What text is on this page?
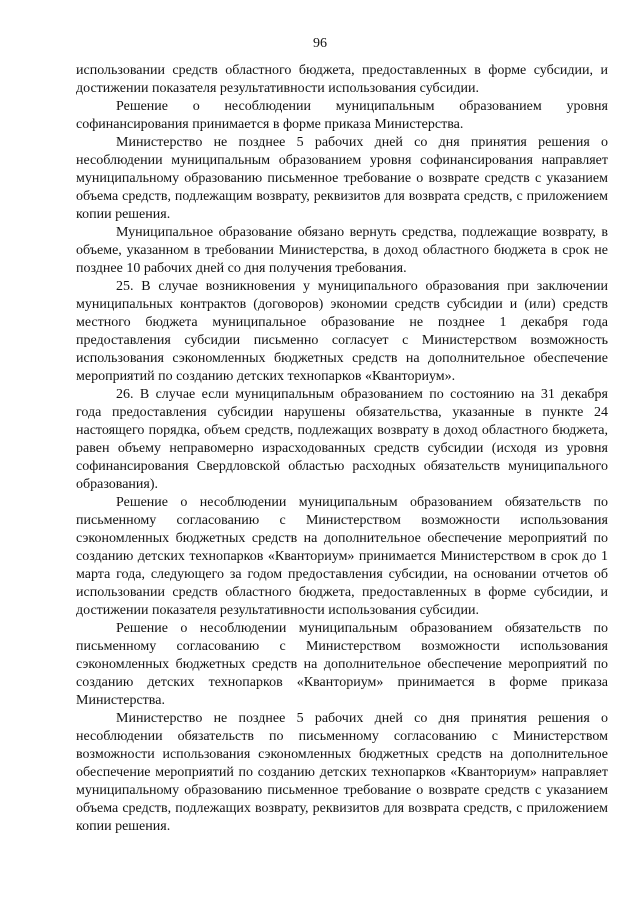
96

использовании средств областного бюджета, предоставленных в форме субсидии, и достижении показателя результативности использования субсидии.

Решение о несоблюдении муниципальным образованием уровня софинансирования принимается в форме приказа Министерства.

Министерство не позднее 5 рабочих дней со дня принятия решения о несоблюдении муниципальным образованием уровня софинансирования направляет муниципальному образованию письменное требование о возврате средств с указанием объема средств, подлежащим возврату, реквизитов для возврата средств, с приложением копии решения.

Муниципальное образование обязано вернуть средства, подлежащие возврату, в объеме, указанном в требовании Министерства, в доход областного бюджета в срок не позднее 10 рабочих дней со дня получения требования.

25. В случае возникновения у муниципального образования при заключении муниципальных контрактов (договоров) экономии средств субсидии и (или) средств местного бюджета муниципальное образование не позднее 1 декабря года предоставления субсидии письменно согласует с Министерством возможность использования сэкономленных бюджетных средств на дополнительное обеспечение мероприятий по созданию детских технопарков «Кванториум».

26. В случае если муниципальным образованием по состоянию на 31 декабря года предоставления субсидии нарушены обязательства, указанные в пункте 24 настоящего порядка, объем средств, подлежащих возврату в доход областного бюджета, равен объему неправомерно израсходованных средств субсидии (исходя из уровня софинансирования Свердловской областью расходных обязательств муниципального образования).

Решение о несоблюдении муниципальным образованием обязательств по письменному согласованию с Министерством возможности использования сэкономленных бюджетных средств на дополнительное обеспечение мероприятий по созданию детских технопарков «Кванториум» принимается Министерством в срок до 1 марта года, следующего за годом предоставления субсидии, на основании отчетов об использовании средств областного бюджета, предоставленных в форме субсидии, и достижении показателя результативности использования субсидии.

Решение о несоблюдении муниципальным образованием обязательств по письменному согласованию с Министерством возможности использования сэкономленных бюджетных средств на дополнительное обеспечение мероприятий по созданию детских технопарков «Кванториум» принимается в форме приказа Министерства.

Министерство не позднее 5 рабочих дней со дня принятия решения о несоблюдении обязательств по письменному согласованию с Министерством возможности использования сэкономленных бюджетных средств на дополнительное обеспечение мероприятий по созданию детских технопарков «Кванториум» направляет муниципальному образованию письменное требование о возврате средств с указанием объема средств, подлежащих возврату, реквизитов для возврата средств, с приложением копии решения.
